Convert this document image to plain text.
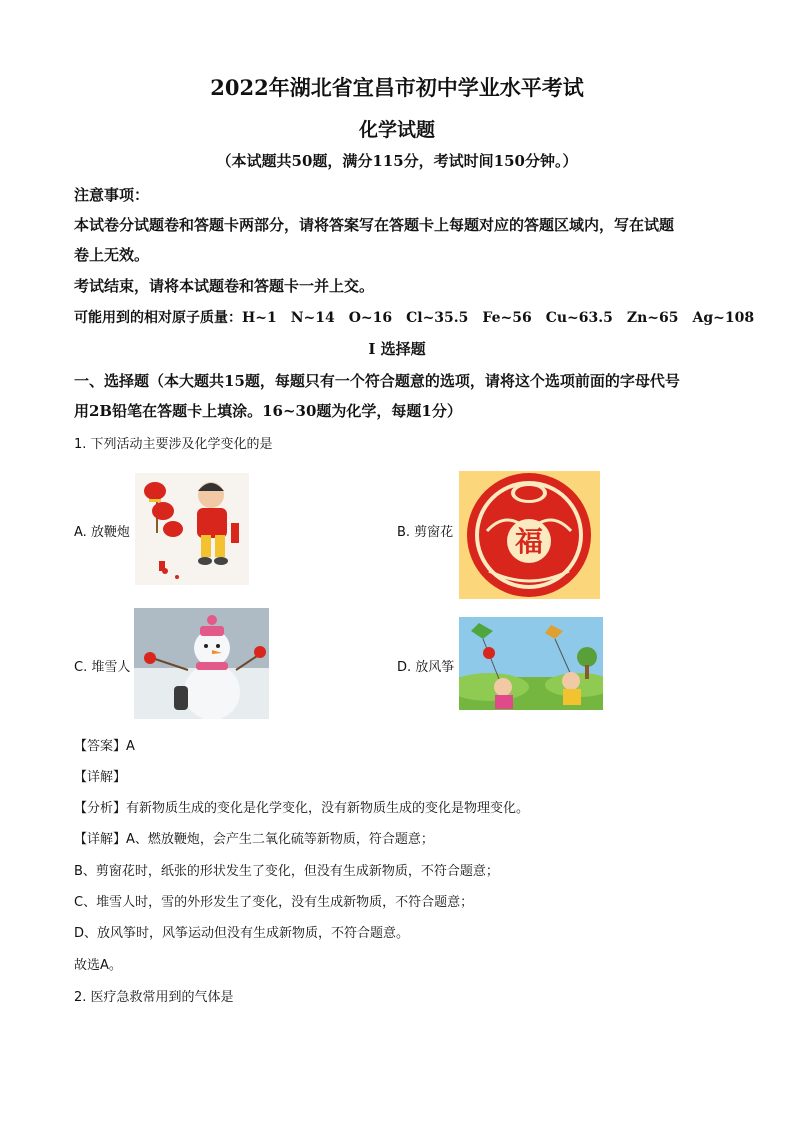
2022年湖北省宜昌市初中学业水平考试
化学试题
（本试题共50题，满分115分，考试时间150分钟。）
注意事项：
本试卷分试题卷和答题卡两部分，请将答案写在答题卡上每题对应的答题区域内，写在试题
卷上无效。
考试结束，请将本试题卷和答题卡一并上交。
可能用到的相对原子质量：H~1　N~14　O~16　Cl~35.5　Fe~56　Cu~63.5　Zn~65　Ag~108
I 选择题
一、选择题（本大题共15题，每题只有一个符合题意的选项，请将这个选项前面的字母代号
用2B铅笔在答题卡上填涂。16~30题为化学，每题1分）
1. 下列活动主要涉及化学变化的是
A. 放鞭炮	B. 剪窗花 福
C. 堆雪人	D. 放风筝
【答案】A
【详解】
【分析】有新物质生成的变化是化学变化，没有新物质生成的变化是物理变化。
【详解】A、燃放鞭炮，会产生二氧化硫等新物质，符合题意；
B、剪窗花时，纸张的形状发生了变化，但没有生成新物质，不符合题意；
C、堆雪人时，雪的外形发生了变化，没有生成新物质，不符合题意；
D、放风筝时，风筝运动但没有生成新物质，不符合题意。
故选A。
2. 医疗急救常用到的气体是
